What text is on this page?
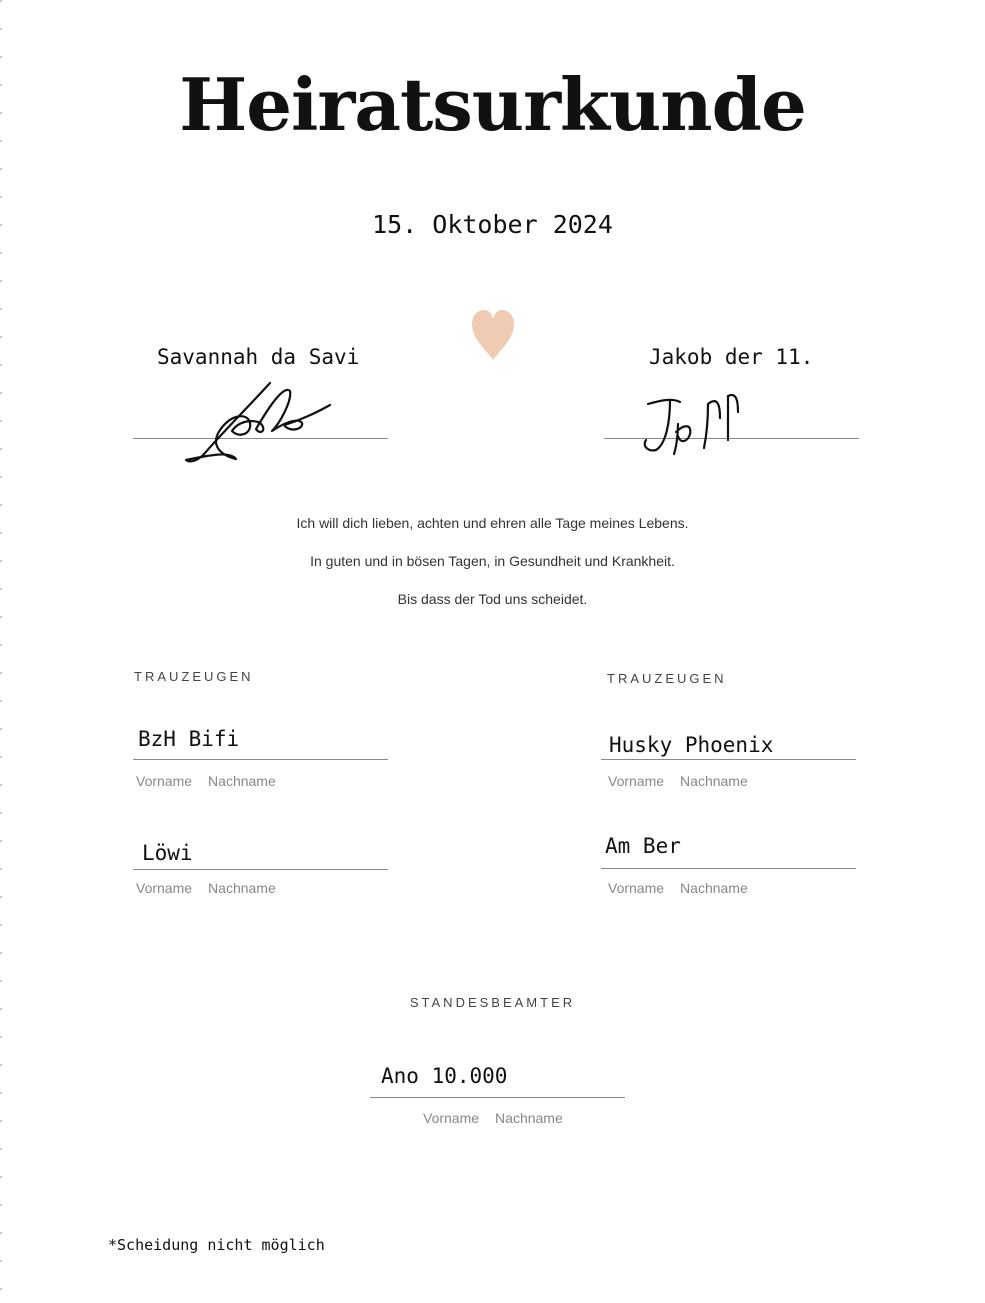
Heiratsurkunde
15. Oktober 2024
Savannah da Savi	Jakob der 11.
Ich will dich lieben, achten und ehren alle Tage meines Lebens.
In guten und in bösen Tagen, in Gesundheit und Krankheit.
Bis dass der Tod uns scheidet.
TRAUZEUGEN
BzH Bifi
Vorname Nachname
Löwi
Vorname Nachname
TRAUZEUGEN
Husky Phoenix
Vorname Nachname
Am Ber
Vorname Nachname
STANDESBEAMTER
Ano 10.000
Vorname Nachname
*Scheidung nicht möglich
